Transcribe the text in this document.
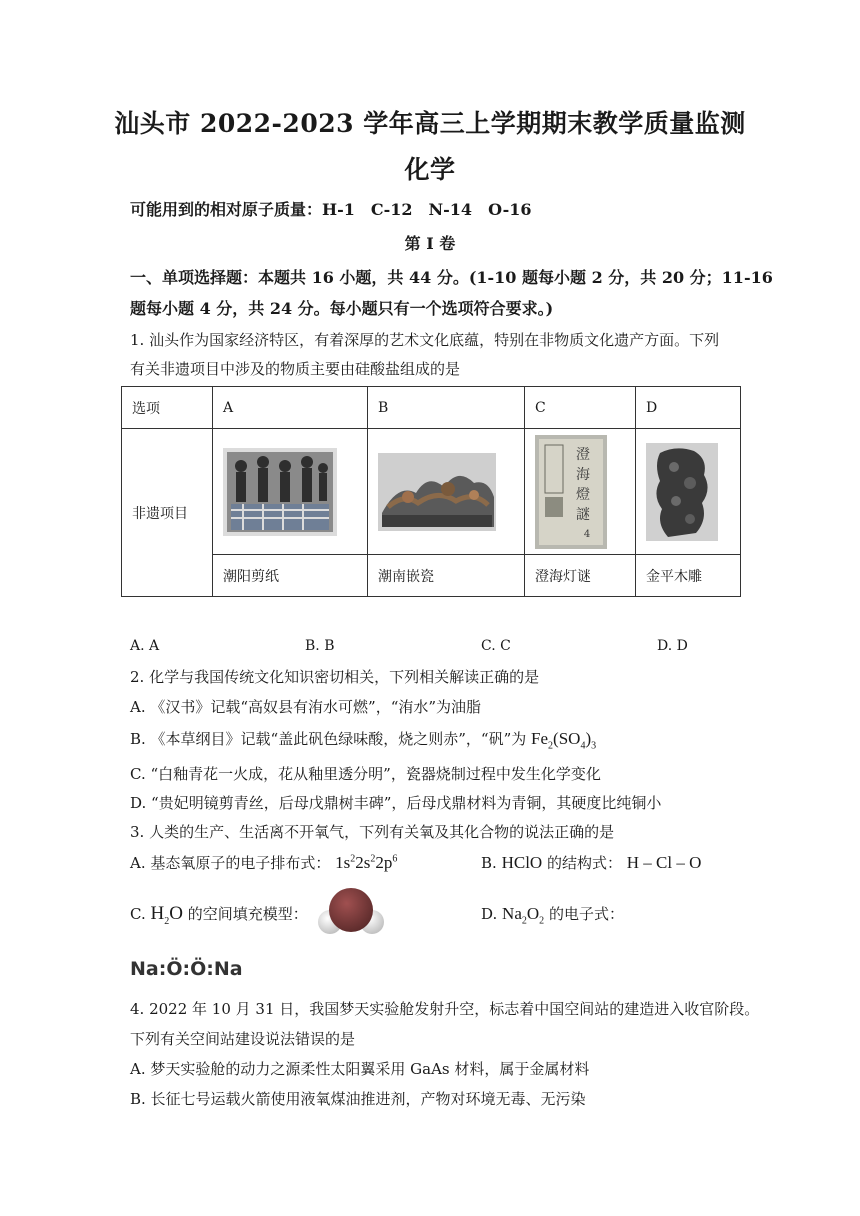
汕头市 2022-2023 学年高三上学期期末教学质量监测
化学
可能用到的相对原子质量：H-1　C-12　N-14　O-16
第 I 卷
一、单项选择题：本题共 16 小题，共 44 分。(1-10 题每小题 2 分，共 20 分；11-16
题每小题 4 分，共 24 分。每小题只有一个选项符合要求。)
1. 汕头作为国家经济特区，有着深厚的艺术文化底蕴，特别在非物质文化遗产方面。下列
有关非遗项目中涉及的物质主要由硅酸盐组成的是
选项	A	B	C	D
非遗项目			澄
海
燈
謎
4

	潮阳剪纸	潮南嵌瓷	澄海灯谜	金平木雕
A. A	B. B	C. C	D. D
2. 化学与我国传统文化知识密切相关，下列相关解读正确的是
A. 《汉书》记载“高奴县有洧水可燃”，“洧水”为油脂
B. 《本草纲目》记载“盖此矾色绿味酸，烧之则赤”，“矾”为 $Fe_2(SO_4)_3$
C. “白釉青花一火成，花从釉里透分明”，瓷器烧制过程中发生化学变化
D. “贵妃明镜剪青丝，后母戊鼎树丰碑”，后母戊鼎材料为青铜，其硬度比纯铜小
3. 人类的生产、生活离不开氧气，下列有关氧及其化合物的说法正确的是
A. 基态氧原子的电子排布式： $1s^22s^22p^6$	B. HClO 的结构式： H – Cl – O
C. $H_2O$ 的空间填充模型：	D. $Na_2O_2$ 的电子式：
Na:Ö:Ö:Na
4. 2022 年 10 月 31 日，我国梦天实验舱发射升空，标志着中国空间站的建造进入收官阶段。
下列有关空间站建设说法错误的是
A. 梦天实验舱的动力之源柔性太阳翼采用 GaAs 材料，属于金属材料
B. 长征七号运载火箭使用液氧煤油推进剂，产物对环境无毒、无污染
